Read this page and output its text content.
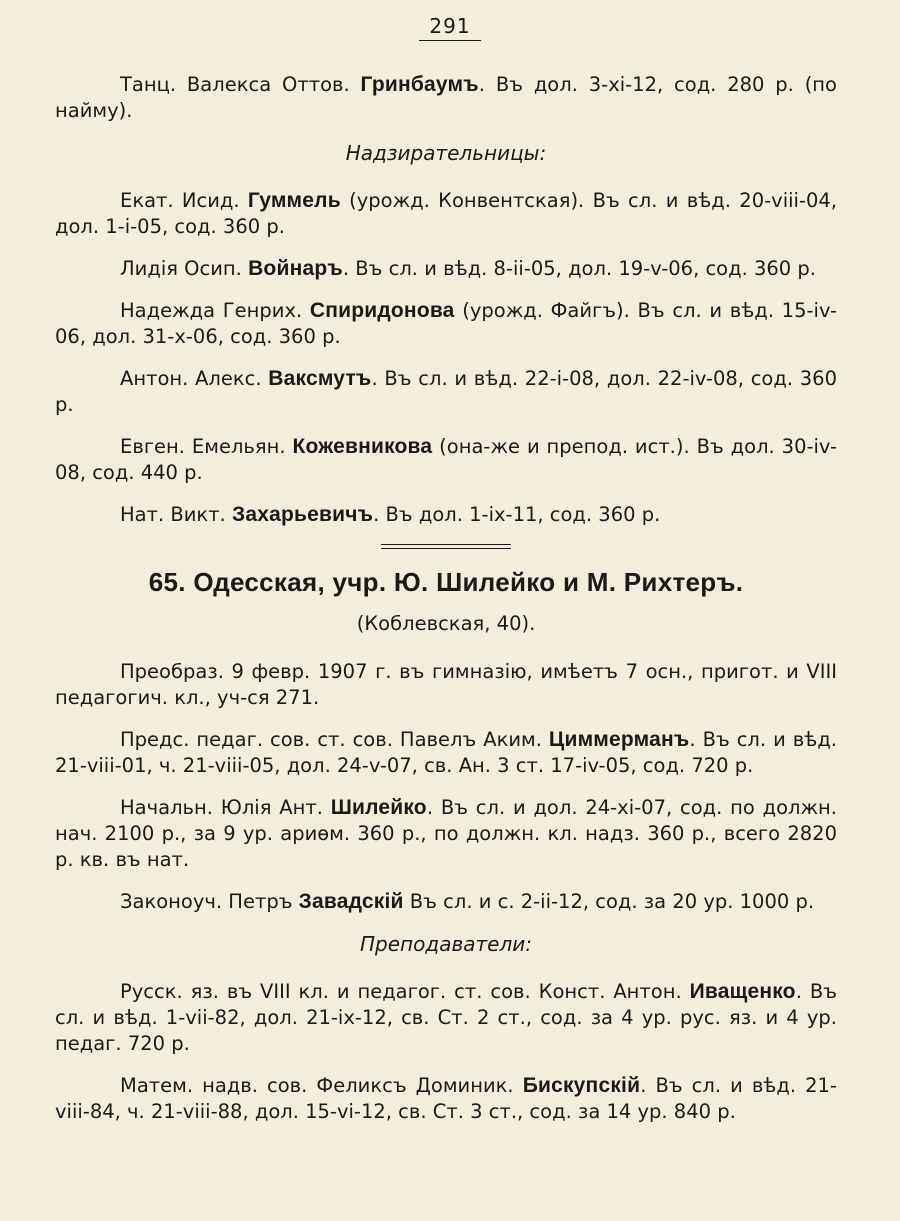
291

Танц. Валекса Оттов. Гринбаумъ. Въ дол. 3-xi-12, сод. 280 р. (по найму).

Надзирательницы:

Екат. Исид. Гуммель (урожд. Конвентская). Въ сл. и вѣд. 20-viii-04, дол. 1-i-05, сод. 360 р.

Лидія Осип. Войнаръ. Въ сл. и вѣд. 8-ii-05, дол. 19-v-06, сод. 360 р.

Надежда Генрих. Спиридонова (урожд. Файгъ). Въ сл. и вѣд. 15-iv-06, дол. 31-x-06, сод. 360 р.

Антон. Алекс. Ваксмутъ. Въ сл. и вѣд. 22-i-08, дол. 22-iv-08, сод. 360 р.

Евген. Емельян. Кожевникова (она-же и препод. ист.). Въ дол. 30-iv-08, сод. 440 р.

Нат. Викт. Захарьевичъ. Въ дол. 1-ix-11, сод. 360 р.

65. Одесская, учр. Ю. Шилейко и М. Рихтеръ.
(Коблевская, 40).

Преобраз. 9 февр. 1907 г. въ гимназію, имѣетъ 7 осн., пригот. и VIII педагогич. кл., уч-ся 271.

Предс. педаг. сов. ст. сов. Павелъ Аким. Циммерманъ. Въ сл. и вѣд. 21-viii-01, ч. 21-viii-05, дол. 24-v-07, св. Ан. 3 ст. 17-iv-05, сод. 720 р.

Начальн. Юлія Ант. Шилейко. Въ сл. и дол. 24-xi-07, сод. по должн. нач. 2100 р., за 9 ур. ариѳм. 360 р., по должн. кл. надз. 360 р., всего 2820 р. кв. въ нат.

Законоуч. Петръ Завадскій Въ сл. и с. 2-ii-12, сод. за 20 ур. 1000 р.

Преподаватели:

Русск. яз. въ VIII кл. и педагог. ст. сов. Конст. Антон. Иващенко. Въ сл. и вѣд. 1-vii-82, дол. 21-ix-12, св. Ст. 2 ст., сод. за 4 ур. рус. яз. и 4 ур. педаг. 720 р.

Матем. надв. сов. Феликсъ Доминик. Бискупскій. Въ сл. и вѣд. 21-viii-84, ч. 21-viii-88, дол. 15-vi-12, св. Ст. 3 ст., сод. за 14 ур. 840 р.
